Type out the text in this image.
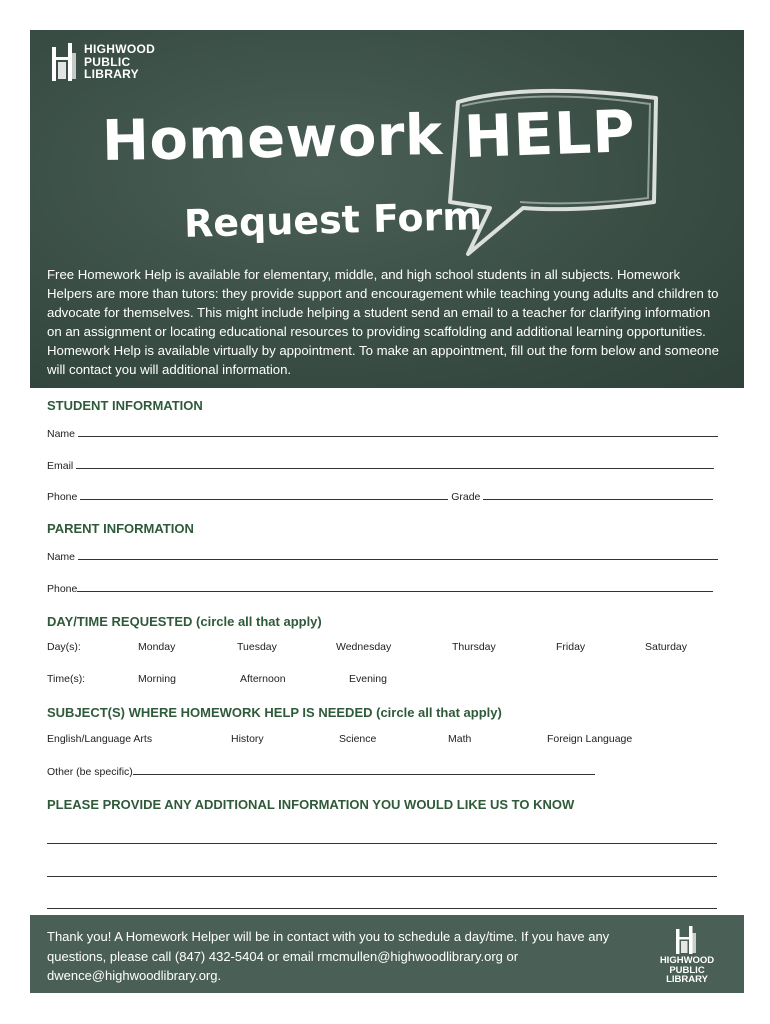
HIGHWOOD
PUBLIC
LIBRARY
Homework HELP
Request Form
Free Homework Help is available for elementary, middle, and high school students in all subjects. Homework Helpers are more than tutors: they provide support and encouragement while teaching young adults and children to advocate for themselves. This might include helping a student send an email to a teacher for clarifying information on an assignment or locating educational resources to providing scaffolding and additional learning opportunities. Homework Help is available virtually by appointment. To make an appointment, fill out the form below and someone will contact you will additional information.
STUDENT INFORMATION
Name
Email
Phone	Grade
PARENT INFORMATION
Name
Phone
DAY/TIME REQUESTED (circle all that apply)
Day(s):	Monday	Tuesday	Wednesday	Thursday	Friday	Saturday
Time(s):	Morning	Afternoon	Evening
SUBJECT(S) WHERE HOMEWORK HELP IS NEEDED (circle all that apply)
English/Language Arts	History	Science	Math	Foreign Language
Other (be specific)
PLEASE PROVIDE ANY ADDITIONAL INFORMATION YOU WOULD LIKE US TO KNOW
Thank you! A Homework Helper will be in contact with you to schedule a day/time. If you have any questions, please call (847) 432-5404 or email rmcmullen@highwoodlibrary.org or dwence@highwoodlibrary.org.
HIGHWOOD
PUBLIC
LIBRARY
